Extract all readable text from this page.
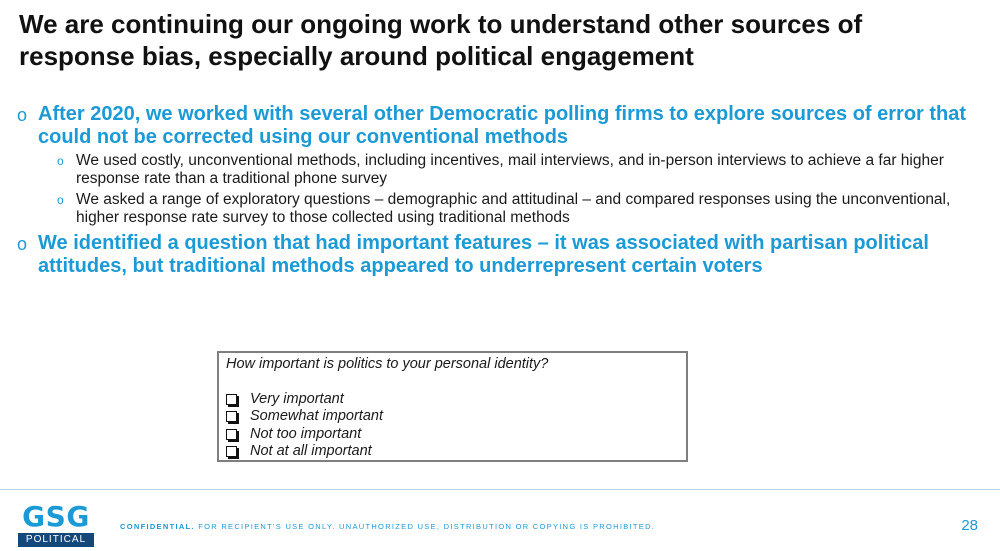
We are continuing our ongoing work to understand other sources of response bias, especially around political engagement

o After 2020, we worked with several other Democratic polling firms to explore sources of error that could not be corrected using our conventional methods

o We used costly, unconventional methods, including incentives, mail interviews, and in-person interviews to achieve a far higher response rate than a traditional phone survey

o We asked a range of exploratory questions – demographic and attitudinal – and compared responses using the unconventional, higher response rate survey to those collected using traditional methods

o We identified a question that had important features – it was associated with partisan political attitudes, but traditional methods appeared to underrepresent certain voters

How important is politics to your personal identity?

Very important

Somewhat important

Not too important

Not at all important

GSG
POLITICAL
CONFIDENTIAL. FOR RECIPIENT'S USE ONLY. UNAUTHORIZED USE, DISTRIBUTION OR COPYING IS PROHIBITED.	28
